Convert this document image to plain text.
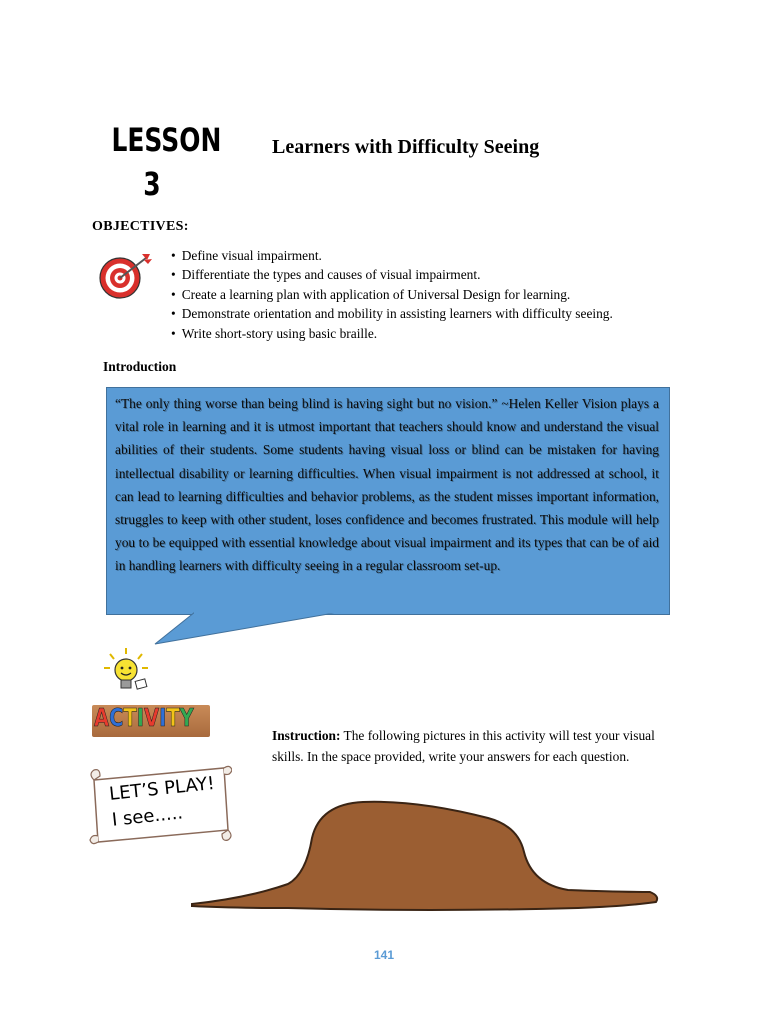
LESSON
3
Learners with Difficulty Seeing
OBJECTIVES:
• Define visual impairment.
• Differentiate the types and causes of visual impairment.
• Create a learning plan with application of Universal Design for learning.
• Demonstrate orientation and mobility in assisting learners with difficulty seeing.
• Write short-story using basic braille.
Introduction
“The only thing worse than being blind is having sight but no vision.” ~Helen Keller Vision plays a vital role in learning and it is utmost important that teachers should know and understand the visual abilities of their students. Some students having visual loss or blind can be mistaken for having intellectual disability or learning difficulties. When visual impairment is not addressed at school, it can lead to learning difficulties and behavior problems, as the student misses important information, struggles to keep with other student, loses confidence and becomes frustrated. This module will help you to be equipped with essential knowledge about visual impairment and its types that can be of aid in handling learners with difficulty seeing in a regular classroom set-up.
ACTIVITY
LET’S PLAY!
I see.....
Instruction: The following pictures in this activity will test your visual skills. In the space provided, write your answers for each question.
141
